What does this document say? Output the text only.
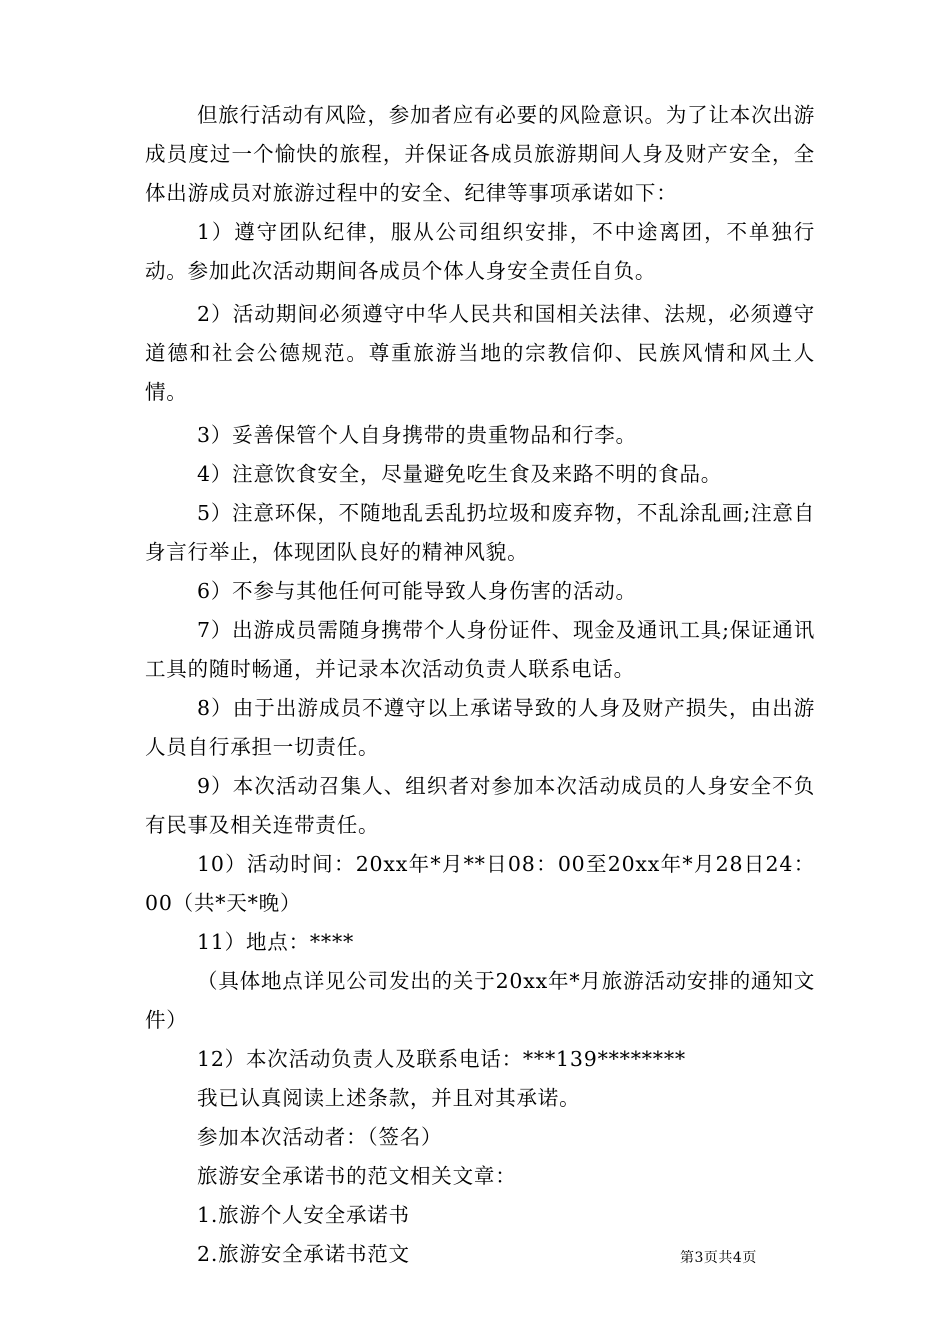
但旅行活动有风险，参加者应有必要的风险意识。为了让本次出游成员度过一个愉快的旅程，并保证各成员旅游期间人身及财产安全，全体出游成员对旅游过程中的安全、纪律等事项承诺如下：

1）遵守团队纪律，服从公司组织安排，不中途离团，不单独行动。参加此次活动期间各成员个体人身安全责任自负。

2）活动期间必须遵守中华人民共和国相关法律、法规，必须遵守道德和社会公德规范。尊重旅游当地的宗教信仰、民族风情和风土人情。

3）妥善保管个人自身携带的贵重物品和行李。

4）注意饮食安全，尽量避免吃生食及来路不明的食品。

5）注意环保，不随地乱丢乱扔垃圾和废弃物，不乱涂乱画;注意自身言行举止，体现团队良好的精神风貌。

6）不参与其他任何可能导致人身伤害的活动。

7）出游成员需随身携带个人身份证件、现金及通讯工具;保证通讯工具的随时畅通，并记录本次活动负责人联系电话。

8）由于出游成员不遵守以上承诺导致的人身及财产损失，由出游人员自行承担一切责任。

9）本次活动召集人、组织者对参加本次活动成员的人身安全不负有民事及相关连带责任。

10）活动时间：20xx年*月**日08：00至20xx年*月28日24：00（共*天*晚）

11）地点：****

（具体地点详见公司发出的关于20xx年*月旅游活动安排的通知文件）

12）本次活动负责人及联系电话：***139********

我已认真阅读上述条款，并且对其承诺。

参加本次活动者：（签名）

旅游安全承诺书的范文相关文章：

1.旅游个人安全承诺书

2.旅游安全承诺书范文	第3页共4页
